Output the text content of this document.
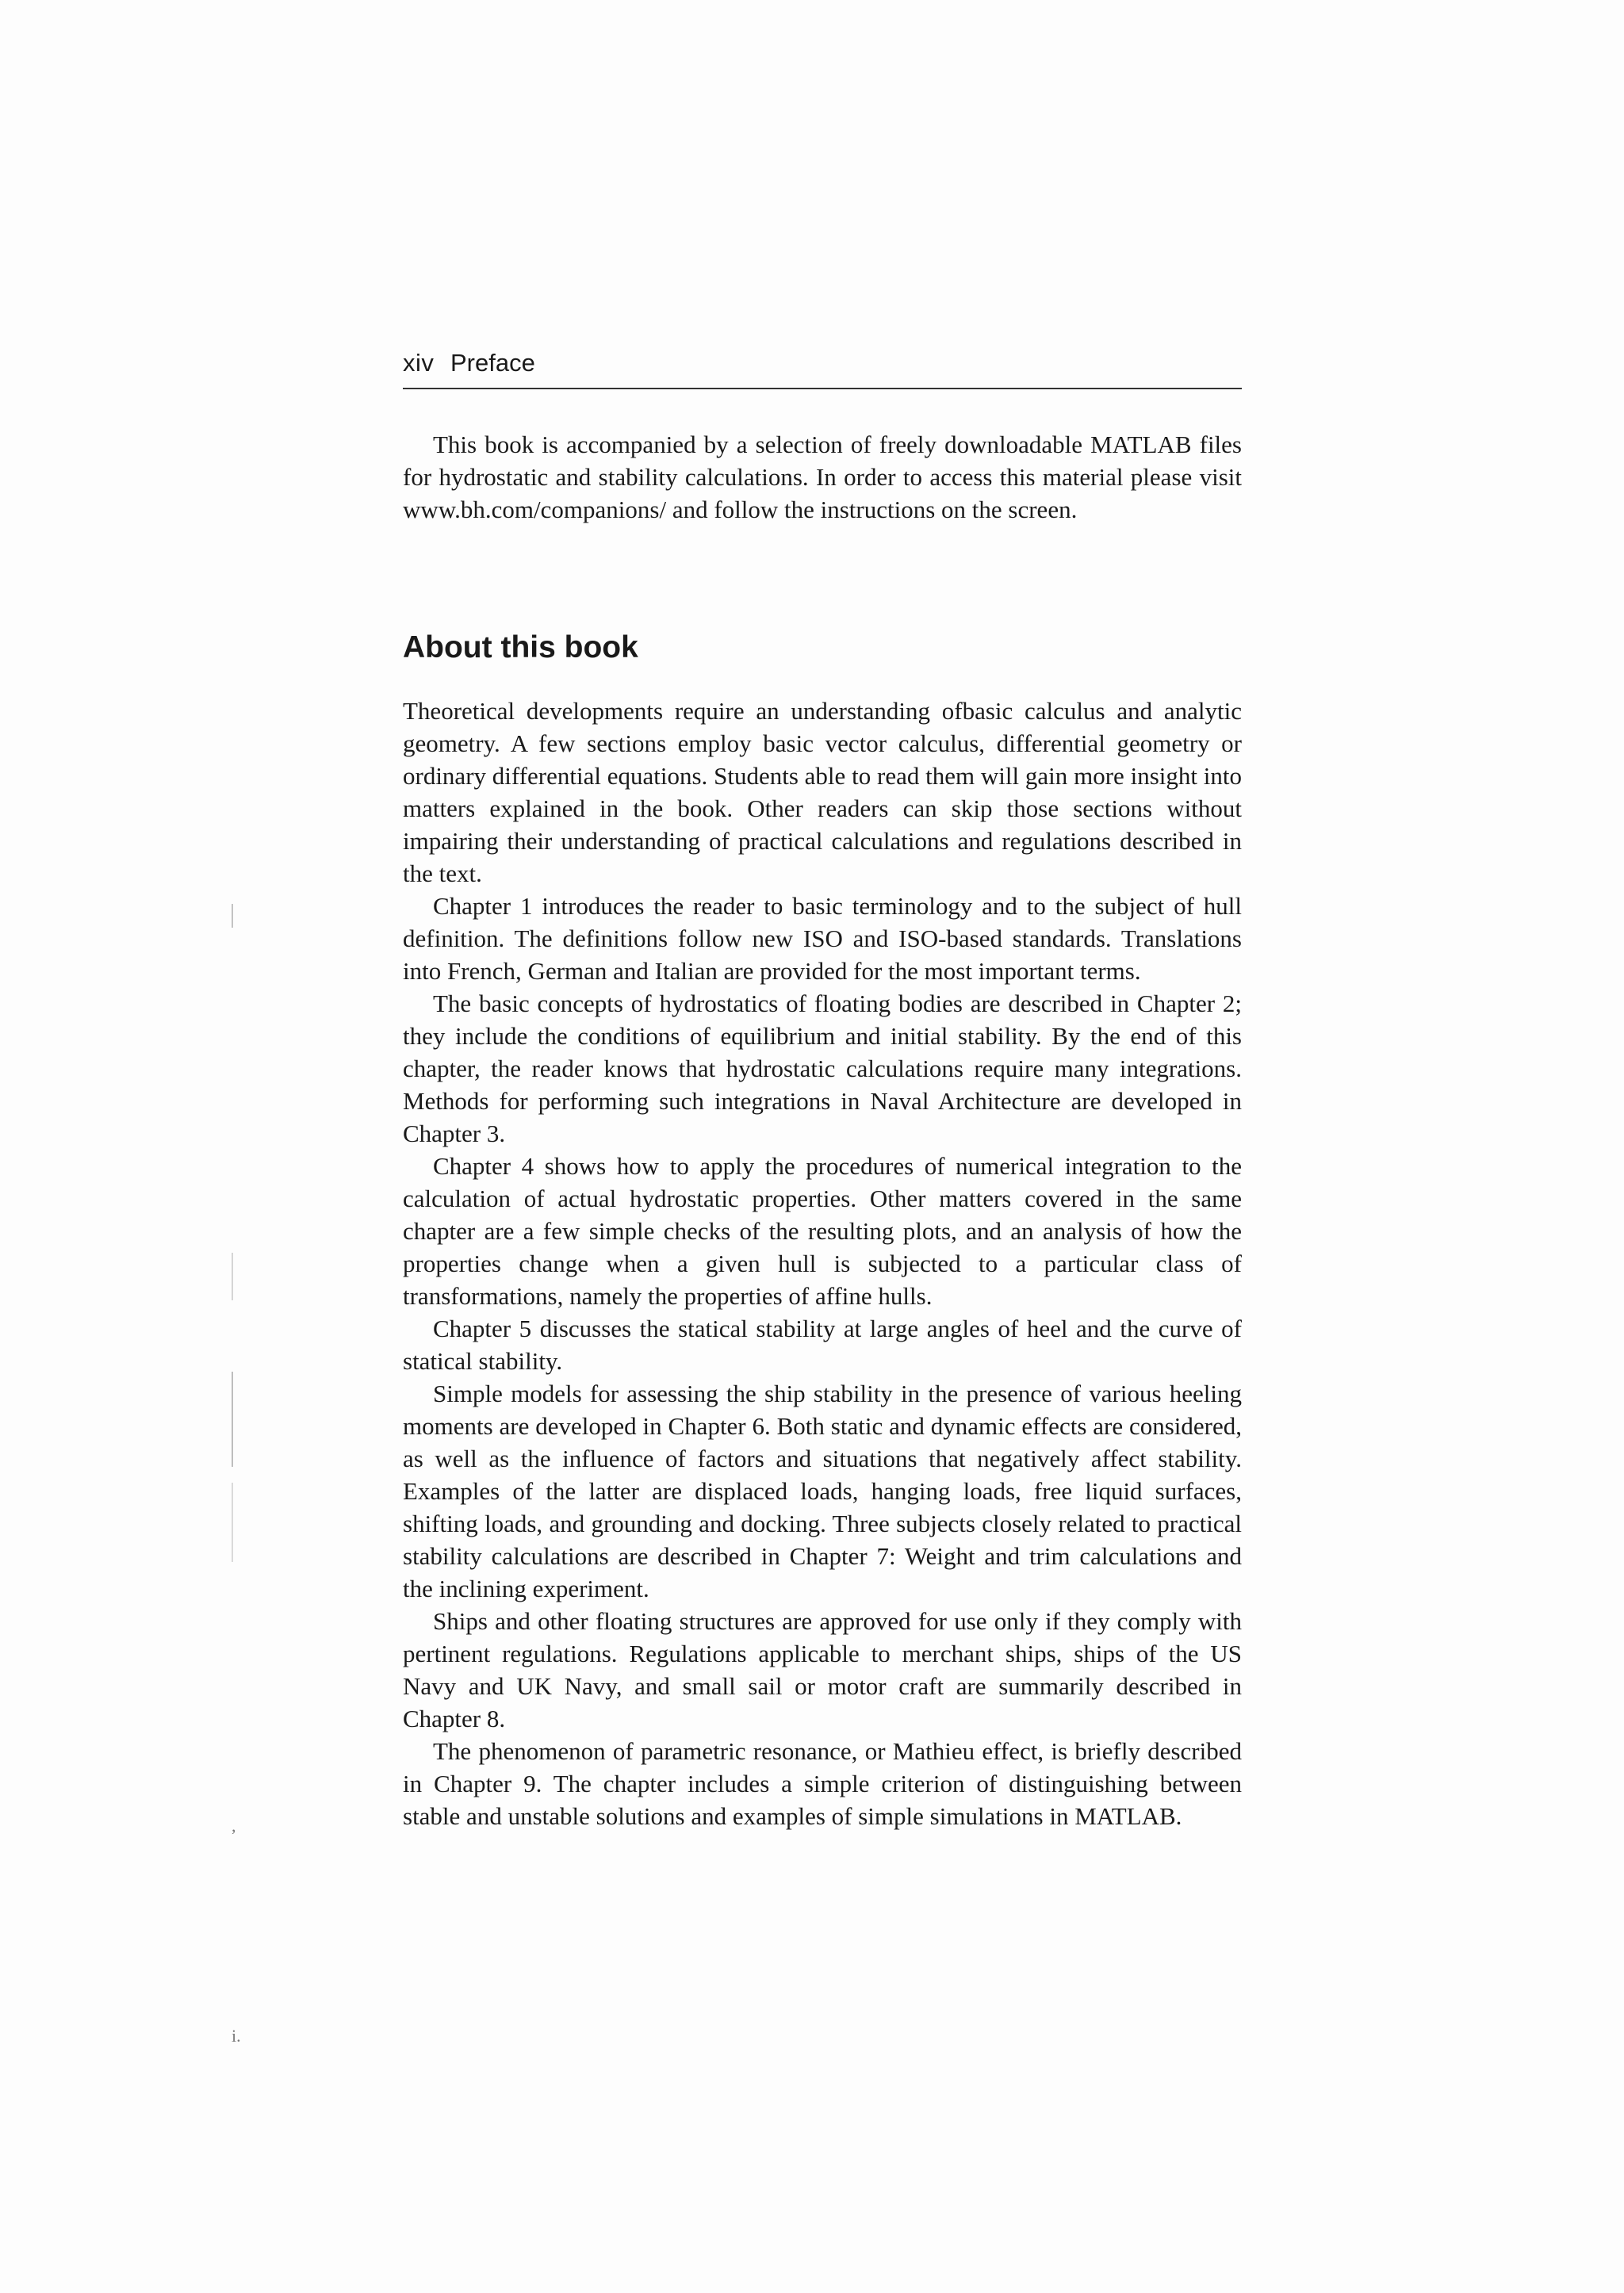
xiv Preface

This book is accompanied by a selection of freely downloadable MATLAB files for hydrostatic and stability calculations. In order to access this material please visit www.bh.com/companions/ and follow the instructions on the screen.

About this book

Theoretical developments require an understanding ofbasic calculus and analytic geometry. A few sections employ basic vector calculus, differential geometry or ordinary differential equations. Students able to read them will gain more insight into matters explained in the book. Other readers can skip those sections without impairing their understanding of practical calculations and regulations described in the text.

Chapter 1 introduces the reader to basic terminology and to the subject of hull definition. The definitions follow new ISO and ISO-based standards. Translations into French, German and Italian are provided for the most important terms.

The basic concepts of hydrostatics of floating bodies are described in Chapter 2; they include the conditions of equilibrium and initial stability. By the end of this chapter, the reader knows that hydrostatic calculations require many integrations. Methods for performing such integrations in Naval Architecture are developed in Chapter 3.

Chapter 4 shows how to apply the procedures of numerical integration to the calculation of actual hydrostatic properties. Other matters covered in the same chapter are a few simple checks of the resulting plots, and an analysis of how the properties change when a given hull is subjected to a particular class of transformations, namely the properties of affine hulls.

Chapter 5 discusses the statical stability at large angles of heel and the curve of statical stability.

Simple models for assessing the ship stability in the presence of various heeling moments are developed in Chapter 6. Both static and dynamic effects are considered, as well as the influence of factors and situations that negatively affect stability. Examples of the latter are displaced loads, hanging loads, free liquid surfaces, shifting loads, and grounding and docking. Three subjects closely related to practical stability calculations are described in Chapter 7: Weight and trim calculations and the inclining experiment.

Ships and other floating structures are approved for use only if they comply with pertinent regulations. Regulations applicable to merchant ships, ships of the US Navy and UK Navy, and small sail or motor craft are summarily described in Chapter 8.

The phenomenon of parametric resonance, or Mathieu effect, is briefly described in Chapter 9. The chapter includes a simple criterion of distinguishing between stable and unstable solutions and examples of simple simulations in MATLAB.

,
i.
